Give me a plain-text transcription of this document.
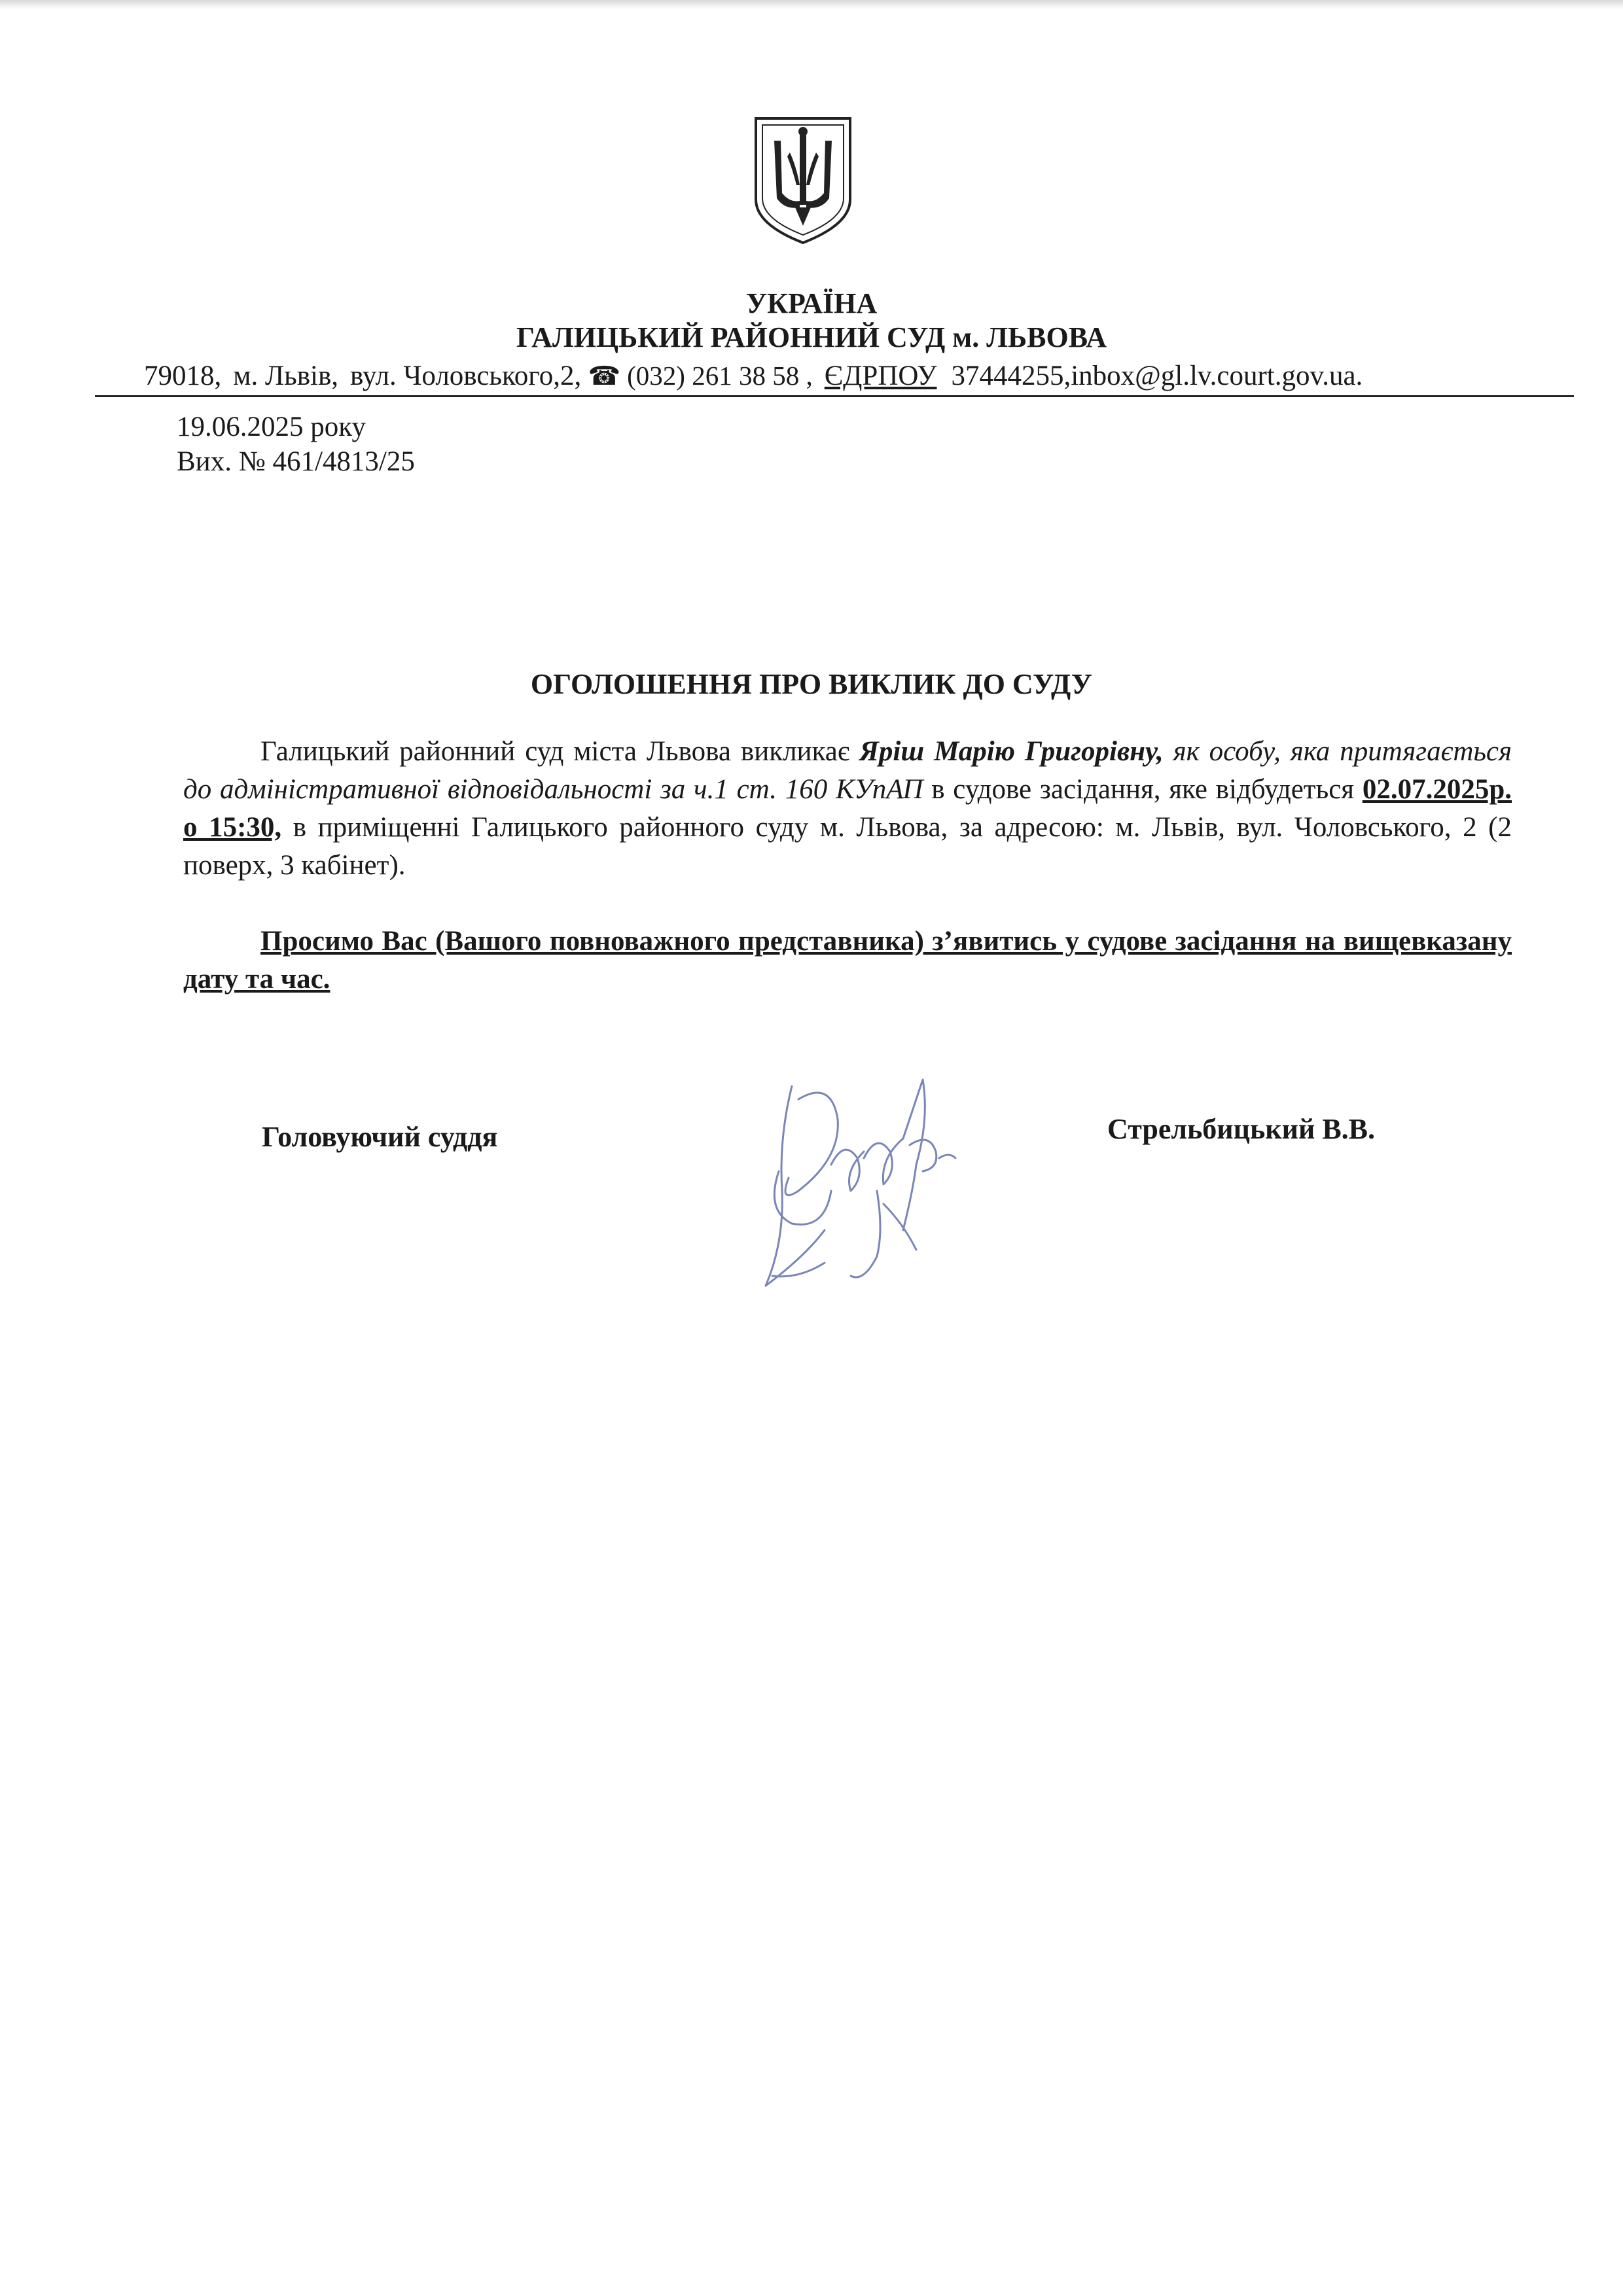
УКРАЇНА
ГАЛИЦЬКИЙ РАЙОННИЙ СУД м. ЛЬВОВА
79018, м. Львів, вул. Чоловського,2, ☎ (032) 261 38 58 , ЄДРПОУ 37444255,inbox@gl.lv.court.gov.ua.
19.06.2025 року
Вих. № 461/4813/25
ОГОЛОШЕННЯ ПРО ВИКЛИК ДО СУДУ
Галицький районний суд міста Львова викликає Яріш Марію Григорівну, як особу, яка притягається до адміністративної відповідальності за ч.1 ст. 160 КУпАП в судове засідання, яке відбудеться 02.07.2025р. о 15:30, в приміщенні Галицького районного суду м. Львова, за адресою: м. Львів, вул. Чоловського, 2 (2 поверх, 3 кабінет).
Просимо Вас (Вашого повноважного представника) з’явитись у судове засідання на вищевказану дату та час.
Головуючий суддя	Стрельбицький В.В.
